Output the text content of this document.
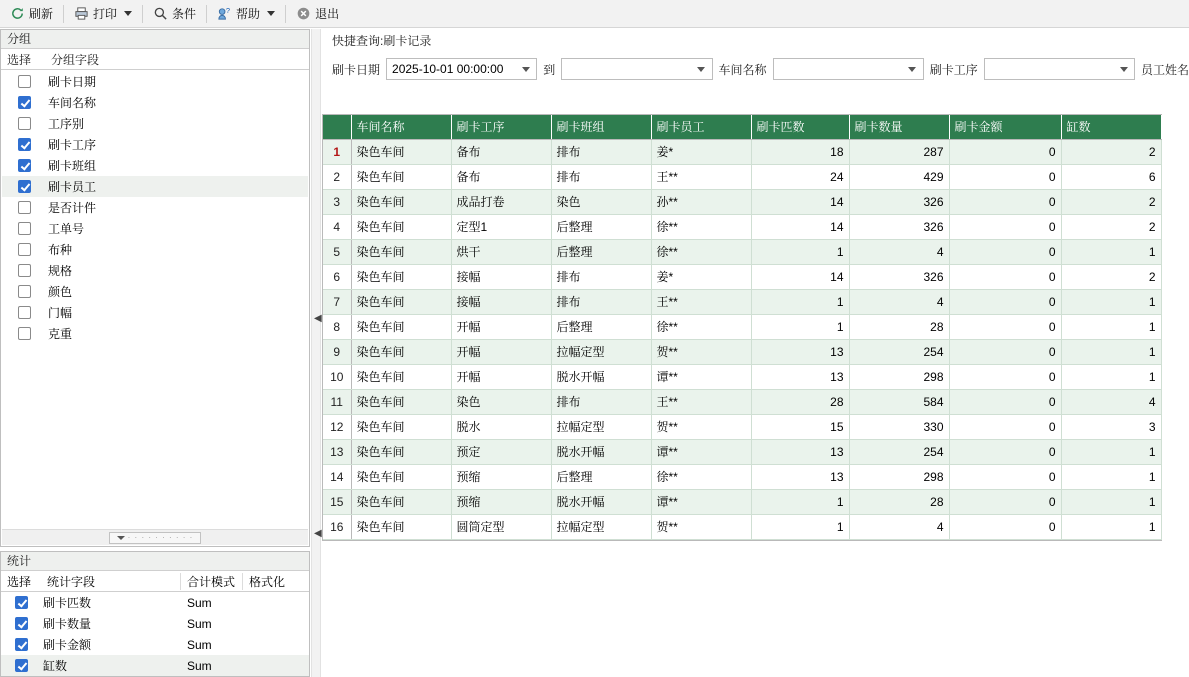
刷新	打印	条件	? 帮助	退出
分组
选择	分组字段
刷卡日期
车间名称
工序别
刷卡工序
刷卡班组
刷卡员工
是否计件
工单号
布种
规格
颜色
门幅
克重
· · · · · · · · · ·
统计
选择	统计字段	合计模式	格式化
刷卡匹数	Sum
刷卡数量	Sum
刷卡金额	Sum
缸数	Sum
◀
◀
快捷查询:刷卡记录
刷卡日期 2025-10-01 00:00:00	到	车间名称	刷卡工序	员工姓名
	车间名称	刷卡工序	刷卡班组	刷卡员工	刷卡匹数	刷卡数量	刷卡金额	缸数
1	染色车间	备布	排布	姜*	18	287	0	2
2	染色车间	备布	排布	王**	24	429	0	6
3	染色车间	成品打卷	染色	孙**	14	326	0	2
4	染色车间	定型1	后整理	徐**	14	326	0	2
5	染色车间	烘干	后整理	徐**	1	4	0	1
6	染色车间	接幅	排布	姜*	14	326	0	2
7	染色车间	接幅	排布	王**	1	4	0	1
8	染色车间	开幅	后整理	徐**	1	28	0	1
9	染色车间	开幅	拉幅定型	贺**	13	254	0	1
10	染色车间	开幅	脱水开幅	谭**	13	298	0	1
11	染色车间	染色	排布	王**	28	584	0	4
12	染色车间	脱水	拉幅定型	贺**	15	330	0	3
13	染色车间	预定	脱水开幅	谭**	13	254	0	1
14	染色车间	预缩	后整理	徐**	13	298	0	1
15	染色车间	预缩	脱水开幅	谭**	1	28	0	1
16	染色车间	圆筒定型	拉幅定型	贺**	1	4	0	1
